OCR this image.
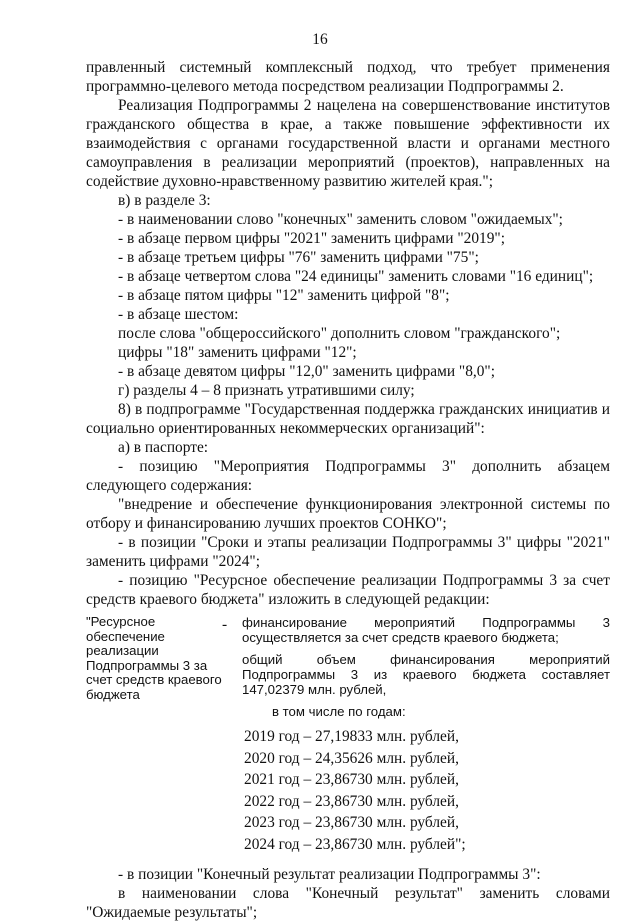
16

правленный системный комплексный подход, что требует применения программно-целевого метода посредством реализации Подпрограммы 2.

Реализация Подпрограммы 2 нацелена на совершенствование институтов гражданского общества в крае, а также повышение эффективности их взаимодействия с органами государственной власти и органами местного самоуправления в реализации мероприятий (проектов), направленных на содействие духовно-нравственному развитию жителей края.";

в) в разделе 3:

- в наименовании слово "конечных" заменить словом "ожидаемых";

- в абзаце первом цифры "2021" заменить цифрами "2019";

- в абзаце третьем цифры "76" заменить цифрами "75";

- в абзаце четвертом слова "24 единицы" заменить словами "16 единиц";

- в абзаце пятом цифры "12" заменить цифрой "8";

- в абзаце шестом:

после слова "общероссийского" дополнить словом "гражданского";

цифры "18" заменить цифрами "12";

- в абзаце девятом цифры "12,0" заменить цифрами "8,0";

г) разделы 4 – 8 признать утратившими силу;

8) в подпрограмме "Государственная поддержка гражданских инициатив и социально ориентированных некоммерческих организаций":

а) в паспорте:

- позицию "Мероприятия Подпрограммы 3" дополнить абзацем следующего содержания:

"внедрение и обеспечение функционирования электронной системы по отбору и финансированию лучших проектов СОНКО";

- в позиции "Сроки и этапы реализации Подпрограммы 3" цифры "2021" заменить цифрами "2024";

- позицию "Ресурсное обеспечение реализации Подпрограммы 3 за счет средств краевого бюджета" изложить в следующей редакции:

"Ресурсное обеспечение реализации Подпрограммы 3 за счет средств краевого бюджета
-	финансирование мероприятий Подпрограммы 3 осуществляется за счет средств краевого бюджета;

общий объем финансирования мероприятий Подпрограммы 3 из краевого бюджета составляет 147,02379 млн. рублей,

в том числе по годам:

2019 год – 27,19833 млн. рублей,
2020 год – 24,35626 млн. рублей,
2021 год – 23,86730 млн. рублей,
2022 год – 23,86730 млн. рублей,
2023 год – 23,86730 млн. рублей,
2024 год – 23,86730 млн. рублей";

- в позиции "Конечный результат реализации Подпрограммы 3":

в наименовании слова "Конечный результат" заменить словами "Ожидаемые результаты";
